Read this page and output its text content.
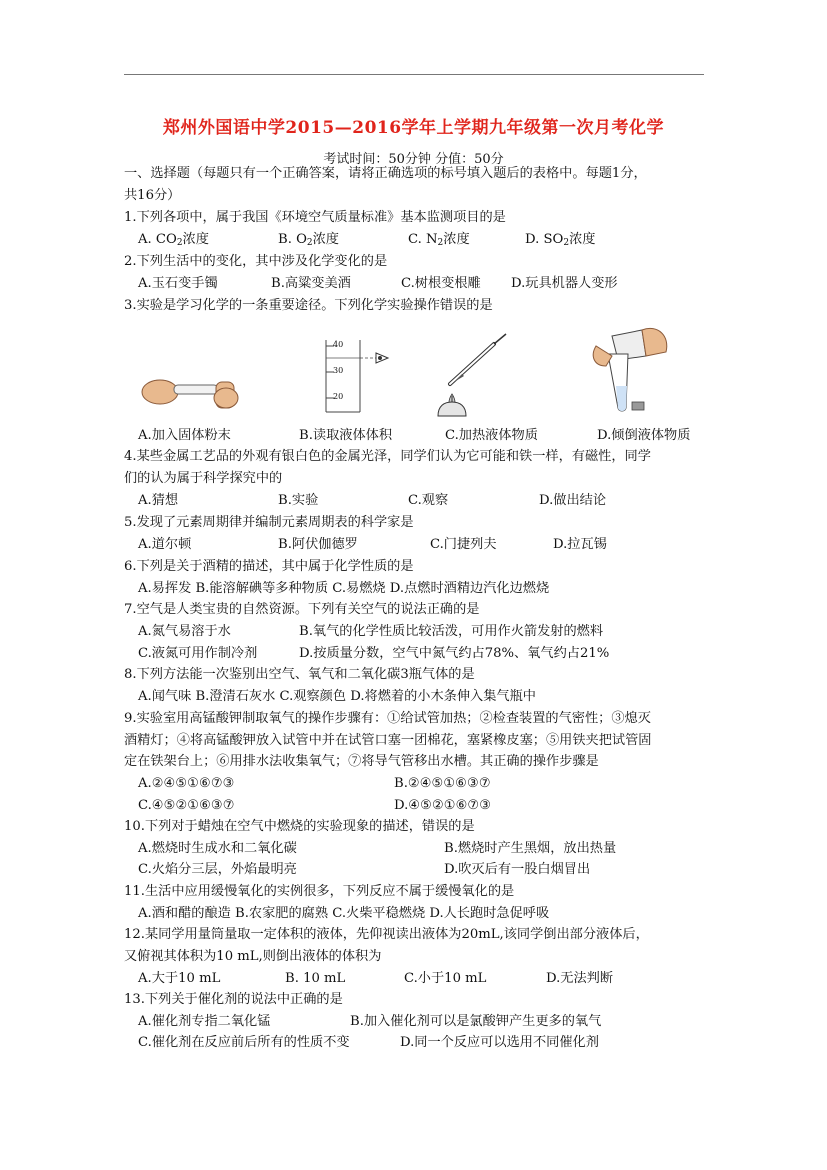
郑州外国语中学2015—2016学年上学期九年级第一次月考化学
考试时间：50分钟 分值：50分
一、选择题（每题只有一个正确答案，请将正确选项的标号填入题后的表格中。每题1分，
共16分）
1.下列各项中，属于我国《环境空气质量标准》基本监测项目的是
A. $CO_2$浓度	B. $O_2$浓度	C. $N_2$浓度	D. $SO_2$浓度
2.下列生活中的变化，其中涉及化学变化的是
A.玉石变手镯	B.高粱变美酒	C.树根变根雕 D.玩具机器人变形
3.实验是学习化学的一条重要途径。下列化学实验操作错误的是
40
30
20
A.加入固体粉末	B.读取液体体积	C.加热液体物质	D.倾倒液体物质
4.某些金属工艺品的外观有银白色的金属光泽，同学们认为它可能和铁一样，有磁性，同学
们的认为属于科学探究中的
A.猜想	B.实验	C.观察	D.做出结论
5.发现了元素周期律并编制元素周期表的科学家是
A.道尔顿	B.阿伏伽德罗	C.门捷列夫	D.拉瓦锡
6.下列是关于酒精的描述，其中属于化学性质的是
A.易挥发 B.能溶解碘等多种物质 C.易燃烧 D.点燃时酒精边汽化边燃烧
7.空气是人类宝贵的自然资源。下列有关空气的说法正确的是
A.氮气易溶于水	B.氧气的化学性质比较活泼，可用作火箭发射的燃料
C.液氮可用作制冷剂	D.按质量分数，空气中氮气约占78%、氧气约占21%
8.下列方法能一次鉴别出空气、氧气和二氧化碳3瓶气体的是
A.闻气味 B.澄清石灰水 C.观察颜色 D.将燃着的小木条伸入集气瓶中
9.实验室用高锰酸钾制取氧气的操作步骤有：①给试管加热；②检查装置的气密性；③熄灭
酒精灯；④将高锰酸钾放入试管中并在试管口塞一团棉花，塞紧橡皮塞；⑤用铁夹把试管固
定在铁架台上；⑥用排水法收集氧气；⑦将导气管移出水槽。其正确的操作步骤是
A.②④⑤①⑥⑦③	B.②④⑤①⑥③⑦
C.④⑤②①⑥③⑦	D.④⑤②①⑥⑦③
10.下列对于蜡烛在空气中燃烧的实验现象的描述，错误的是
A.燃烧时生成水和二氧化碳	B.燃烧时产生黑烟，放出热量
C.火焰分三层，外焰最明亮	D.吹灭后有一股白烟冒出
11.生活中应用缓慢氧化的实例很多，下列反应不属于缓慢氧化的是
A.酒和醋的酿造 B.农家肥的腐熟 C.火柴平稳燃烧 D.人长跑时急促呼吸
12.某同学用量筒量取一定体积的液体，先仰视读出液体为20mL,该同学倒出部分液体后，
又俯视其体积为10 mL,则倒出液体的体积为
A.大于10 mL	B. 10 mL	C.小于10 mL	D.无法判断
13.下列关于催化剂的说法中正确的是
A.催化剂专指二氧化锰	B.加入催化剂可以是氯酸钾产生更多的氧气
C.催化剂在反应前后所有的性质不变	D.同一个反应可以选用不同催化剂
